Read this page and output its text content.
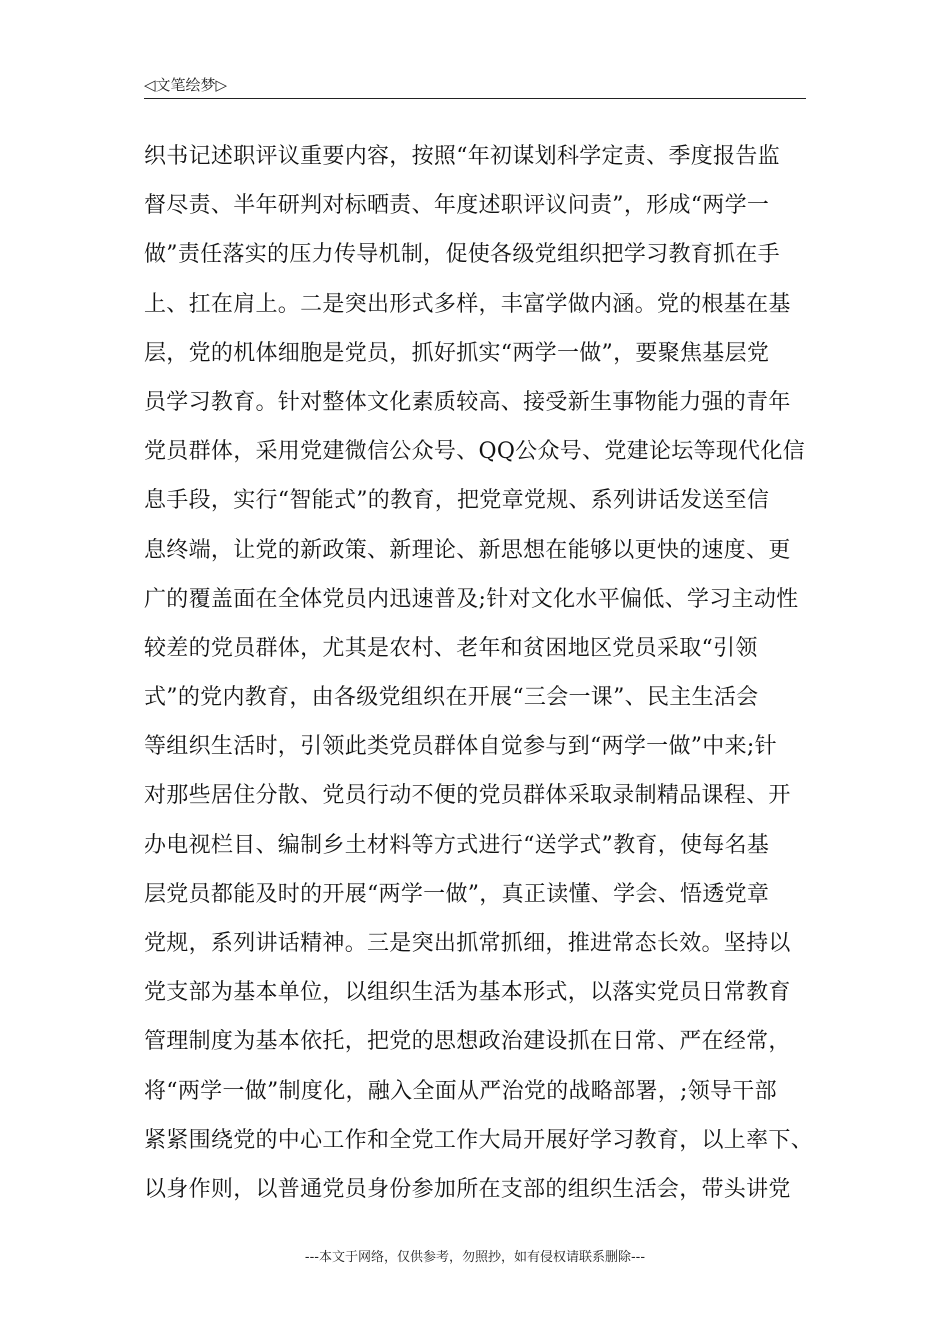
◁文笔绘梦▷
织书记述职评议重要内容，按照“年初谋划科学定责、季度报告监
督尽责、半年研判对标晒责、年度述职评议问责”，形成“两学一
做”责任落实的压力传导机制，促使各级党组织把学习教育抓在手
上、扛在肩上。二是突出形式多样，丰富学做内涵。党的根基在基
层，党的机体细胞是党员，抓好抓实“两学一做”，要聚焦基层党
员学习教育。针对整体文化素质较高、接受新生事物能力强的青年
党员群体，采用党建微信公众号、QQ公众号、党建论坛等现代化信
息手段，实行“智能式”的教育，把党章党规、系列讲话发送至信
息终端，让党的新政策、新理论、新思想在能够以更快的速度、更
广的覆盖面在全体党员内迅速普及;针对文化水平偏低、学习主动性
较差的党员群体，尤其是农村、老年和贫困地区党员采取“引领
式”的党内教育，由各级党组织在开展“三会一课”、民主生活会
等组织生活时，引领此类党员群体自觉参与到“两学一做”中来;针
对那些居住分散、党员行动不便的党员群体采取录制精品课程、开
办电视栏目、编制乡土材料等方式进行“送学式”教育，使每名基
层党员都能及时的开展“两学一做”，真正读懂、学会、悟透党章
党规，系列讲话精神。三是突出抓常抓细，推进常态长效。坚持以
党支部为基本单位，以组织生活为基本形式，以落实党员日常教育
管理制度为基本依托，把党的思想政治建设抓在日常、严在经常，
将“两学一做”制度化，融入全面从严治党的战略部署，;领导干部
紧紧围绕党的中心工作和全党工作大局开展好学习教育，以上率下、
以身作则，以普通党员身份参加所在支部的组织生活会，带头讲党
---本文于网络，仅供参考，勿照抄，如有侵权请联系删除---
